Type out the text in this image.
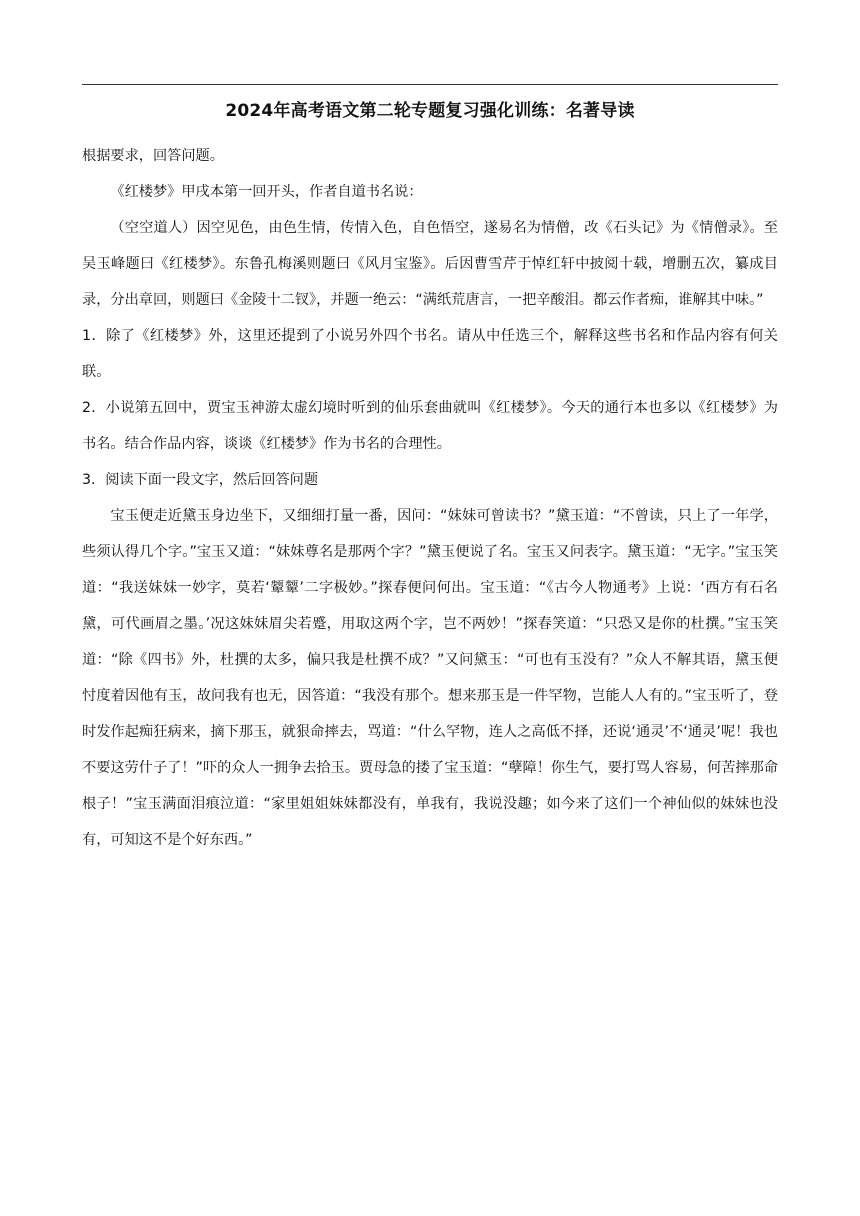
2024年高考语文第二轮专题复习强化训练：名著导读

根据要求，回答问题。

《红楼梦》甲戌本第一回开头，作者自道书名说：

（空空道人）因空见色，由色生情，传情入色，自色悟空，遂易名为情僧，改《石头记》为《情僧录》。至吴玉峰题曰《红楼梦》。东鲁孔梅溪则题曰《风月宝鉴》。后因曹雪芹于悼红轩中披阅十载，增删五次，纂成目录，分出章回，则题曰《金陵十二钗》，并题一绝云：“满纸荒唐言，一把辛酸泪。都云作者痴，谁解其中味。”

1．除了《红楼梦》外，这里还提到了小说另外四个书名。请从中任选三个，解释这些书名和作品内容有何关联。

2．小说第五回中，贾宝玉神游太虚幻境时听到的仙乐套曲就叫《红楼梦》。今天的通行本也多以《红楼梦》为书名。结合作品内容，谈谈《红楼梦》作为书名的合理性。

3．阅读下面一段文字，然后回答问题

宝玉便走近黛玉身边坐下，又细细打量一番，因问：“妹妹可曾读书？”黛玉道：“不曾读，只上了一年学，些须认得几个字。”宝玉又道：“妹妹尊名是那两个字？”黛玉便说了名。宝玉又问表字。黛玉道：“无字。”宝玉笑道：“我送妹妹一妙字，莫若‘颦颦’二字极妙。”探春便问何出。宝玉道：“《古今人物通考》上说：‘西方有石名黛，可代画眉之墨。’况这妹妹眉尖若蹙，用取这两个字，岂不两妙！”探春笑道：“只恐又是你的杜撰。”宝玉笑道：“除《四书》外，杜撰的太多，偏只我是杜撰不成？”又问黛玉：“可也有玉没有？”众人不解其语，黛玉便忖度着因他有玉，故问我有也无，因答道：“我没有那个。想来那玉是一件罕物，岂能人人有的。”宝玉听了，登时发作起痴狂病来，摘下那玉，就狠命摔去，骂道：“什么罕物，连人之高低不择，还说‘通灵’不‘通灵’呢！我也不要这劳什子了！”吓的众人一拥争去拾玉。贾母急的搂了宝玉道：“孽障！你生气，要打骂人容易，何苦摔那命根子！”宝玉满面泪痕泣道：“家里姐姐妹妹都没有，单我有，我说没趣；如今来了这们一个神仙似的妹妹也没有，可知这不是个好东西。”
